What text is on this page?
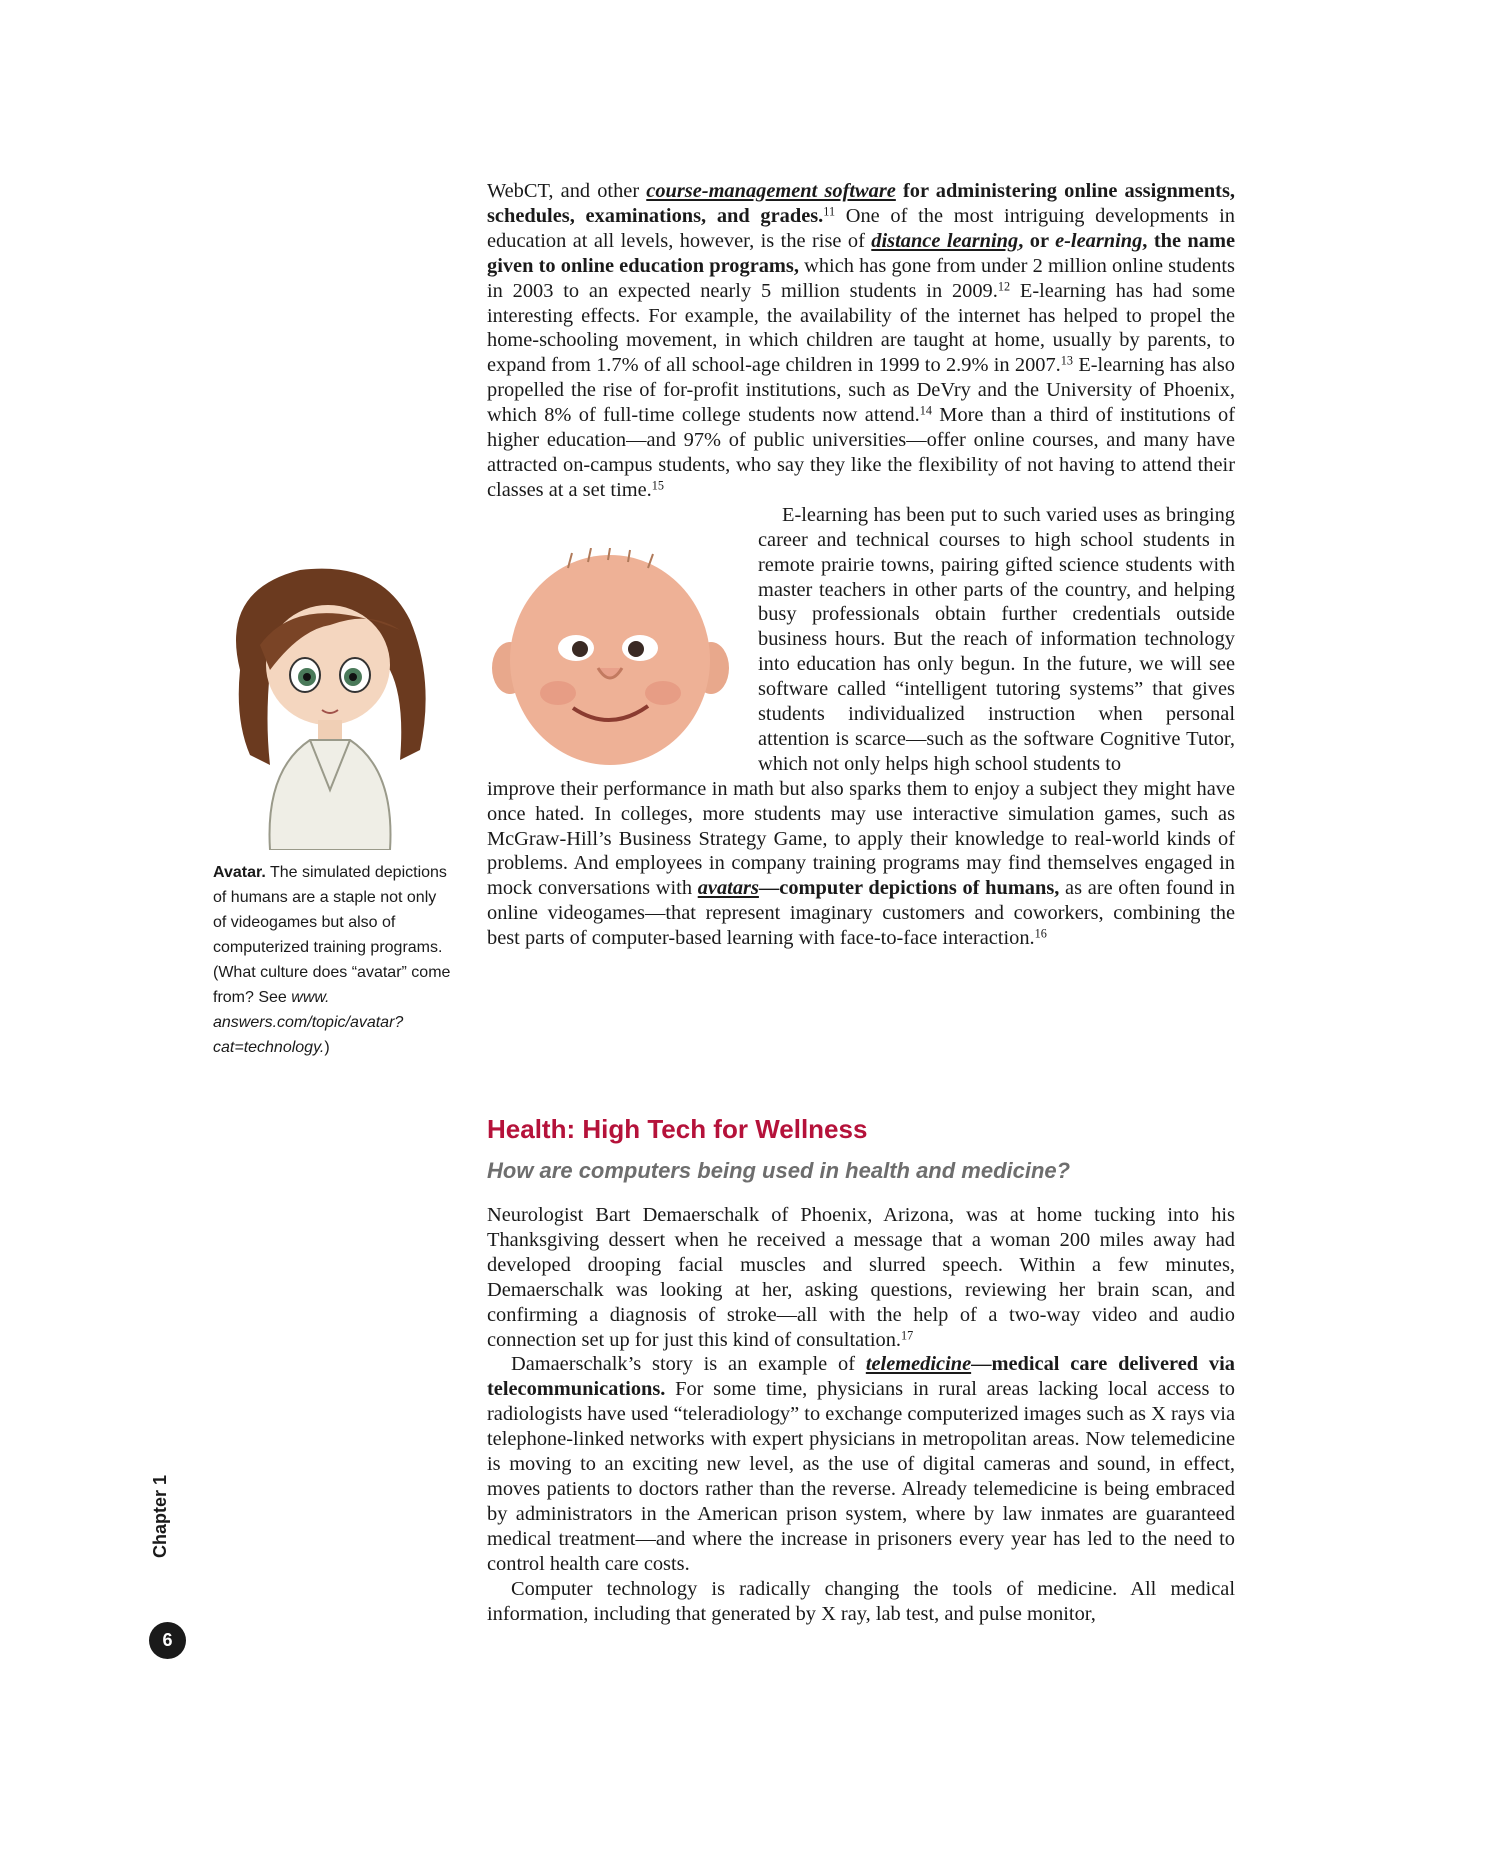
WebCT, and other course-management software for administering online assignments, schedules, examinations, and grades.$^{11}$ One of the most intriguing developments in education at all levels, however, is the rise of distance learning, or e-learning, the name given to online education programs, which has gone from under 2 million online students in 2003 to an expected nearly 5 million students in 2009.12 E-learning has had some interesting effects. For example, the availability of the internet has helped to propel the home-schooling movement, in which children are taught at home, usually by parents, to expand from 1.7% of all school-age children in 1999 to 2.9% in 2007.13 E-learning has also propelled the rise of for-profit institutions, such as DeVry and the University of Phoenix, which 8% of full-time college students now attend.$^{14}$ More than a third of institutions of higher education—and 97% of public universities—offer online courses, and many have attracted on-campus students, who say they like the flexibility of not having to attend their classes at a set time.$^{15}$

E-learning has been put to such varied uses as bringing career and technical courses to high school students in remote prairie towns, pairing gifted science students with master teachers in other parts of the country, and helping busy professionals obtain further credentials outside business hours. But the reach of information technology into education has only begun. In the future, we will see software called “intelligent tutoring systems” that gives students individualized instruction when personal attention is scarce—such as the software Cognitive Tutor, which not only helps high school students to

improve their performance in math but also sparks them to enjoy a subject they might have once hated. In colleges, more students may use interactive simulation games, such as McGraw-Hill’s Business Strategy Game, to apply their knowledge to real-world kinds of problems. And employees in company training programs may find themselves engaged in mock conversations with avatars—computer depictions of humans, as are often found in online videogames—that represent imaginary customers and coworkers, combining the best parts of computer-based learning with face-to-face interaction.$^{16}$

Health: High Tech for Wellness
How are computers being used in health and medicine?

Neurologist Bart Demaerschalk of Phoenix, Arizona, was at home tucking into his Thanksgiving dessert when he received a message that a woman 200 miles away had developed drooping facial muscles and slurred speech. Within a few minutes, Demaerschalk was looking at her, asking questions, reviewing her brain scan, and confirming a diagnosis of stroke—all with the help of a two-way video and audio connection set up for just this kind of consultation.$^{17}$

Damaerschalk’s story is an example of telemedicine—medical care delivered via telecommunications. For some time, physicians in rural areas lacking local access to radiologists have used “teleradiology” to exchange computerized images such as X rays via telephone-linked networks with expert physicians in metropolitan areas. Now telemedicine is moving to an exciting new level, as the use of digital cameras and sound, in effect, moves patients to doctors rather than the reverse. Already telemedicine is being embraced by administrators in the American prison system, where by law inmates are guaranteed medical treatment—and where the increase in prisoners every year has led to the need to control health care costs.

Computer technology is radically changing the tools of medicine. All medical information, including that generated by X ray, lab test, and pulse monitor,

Avatar. The simulated depictions of humans are a staple not only of videogames but also of computerized training programs. (What culture does “avatar” come from? See www. answers.com/topic/avatar?cat=technology.)
Chapter 1
6
